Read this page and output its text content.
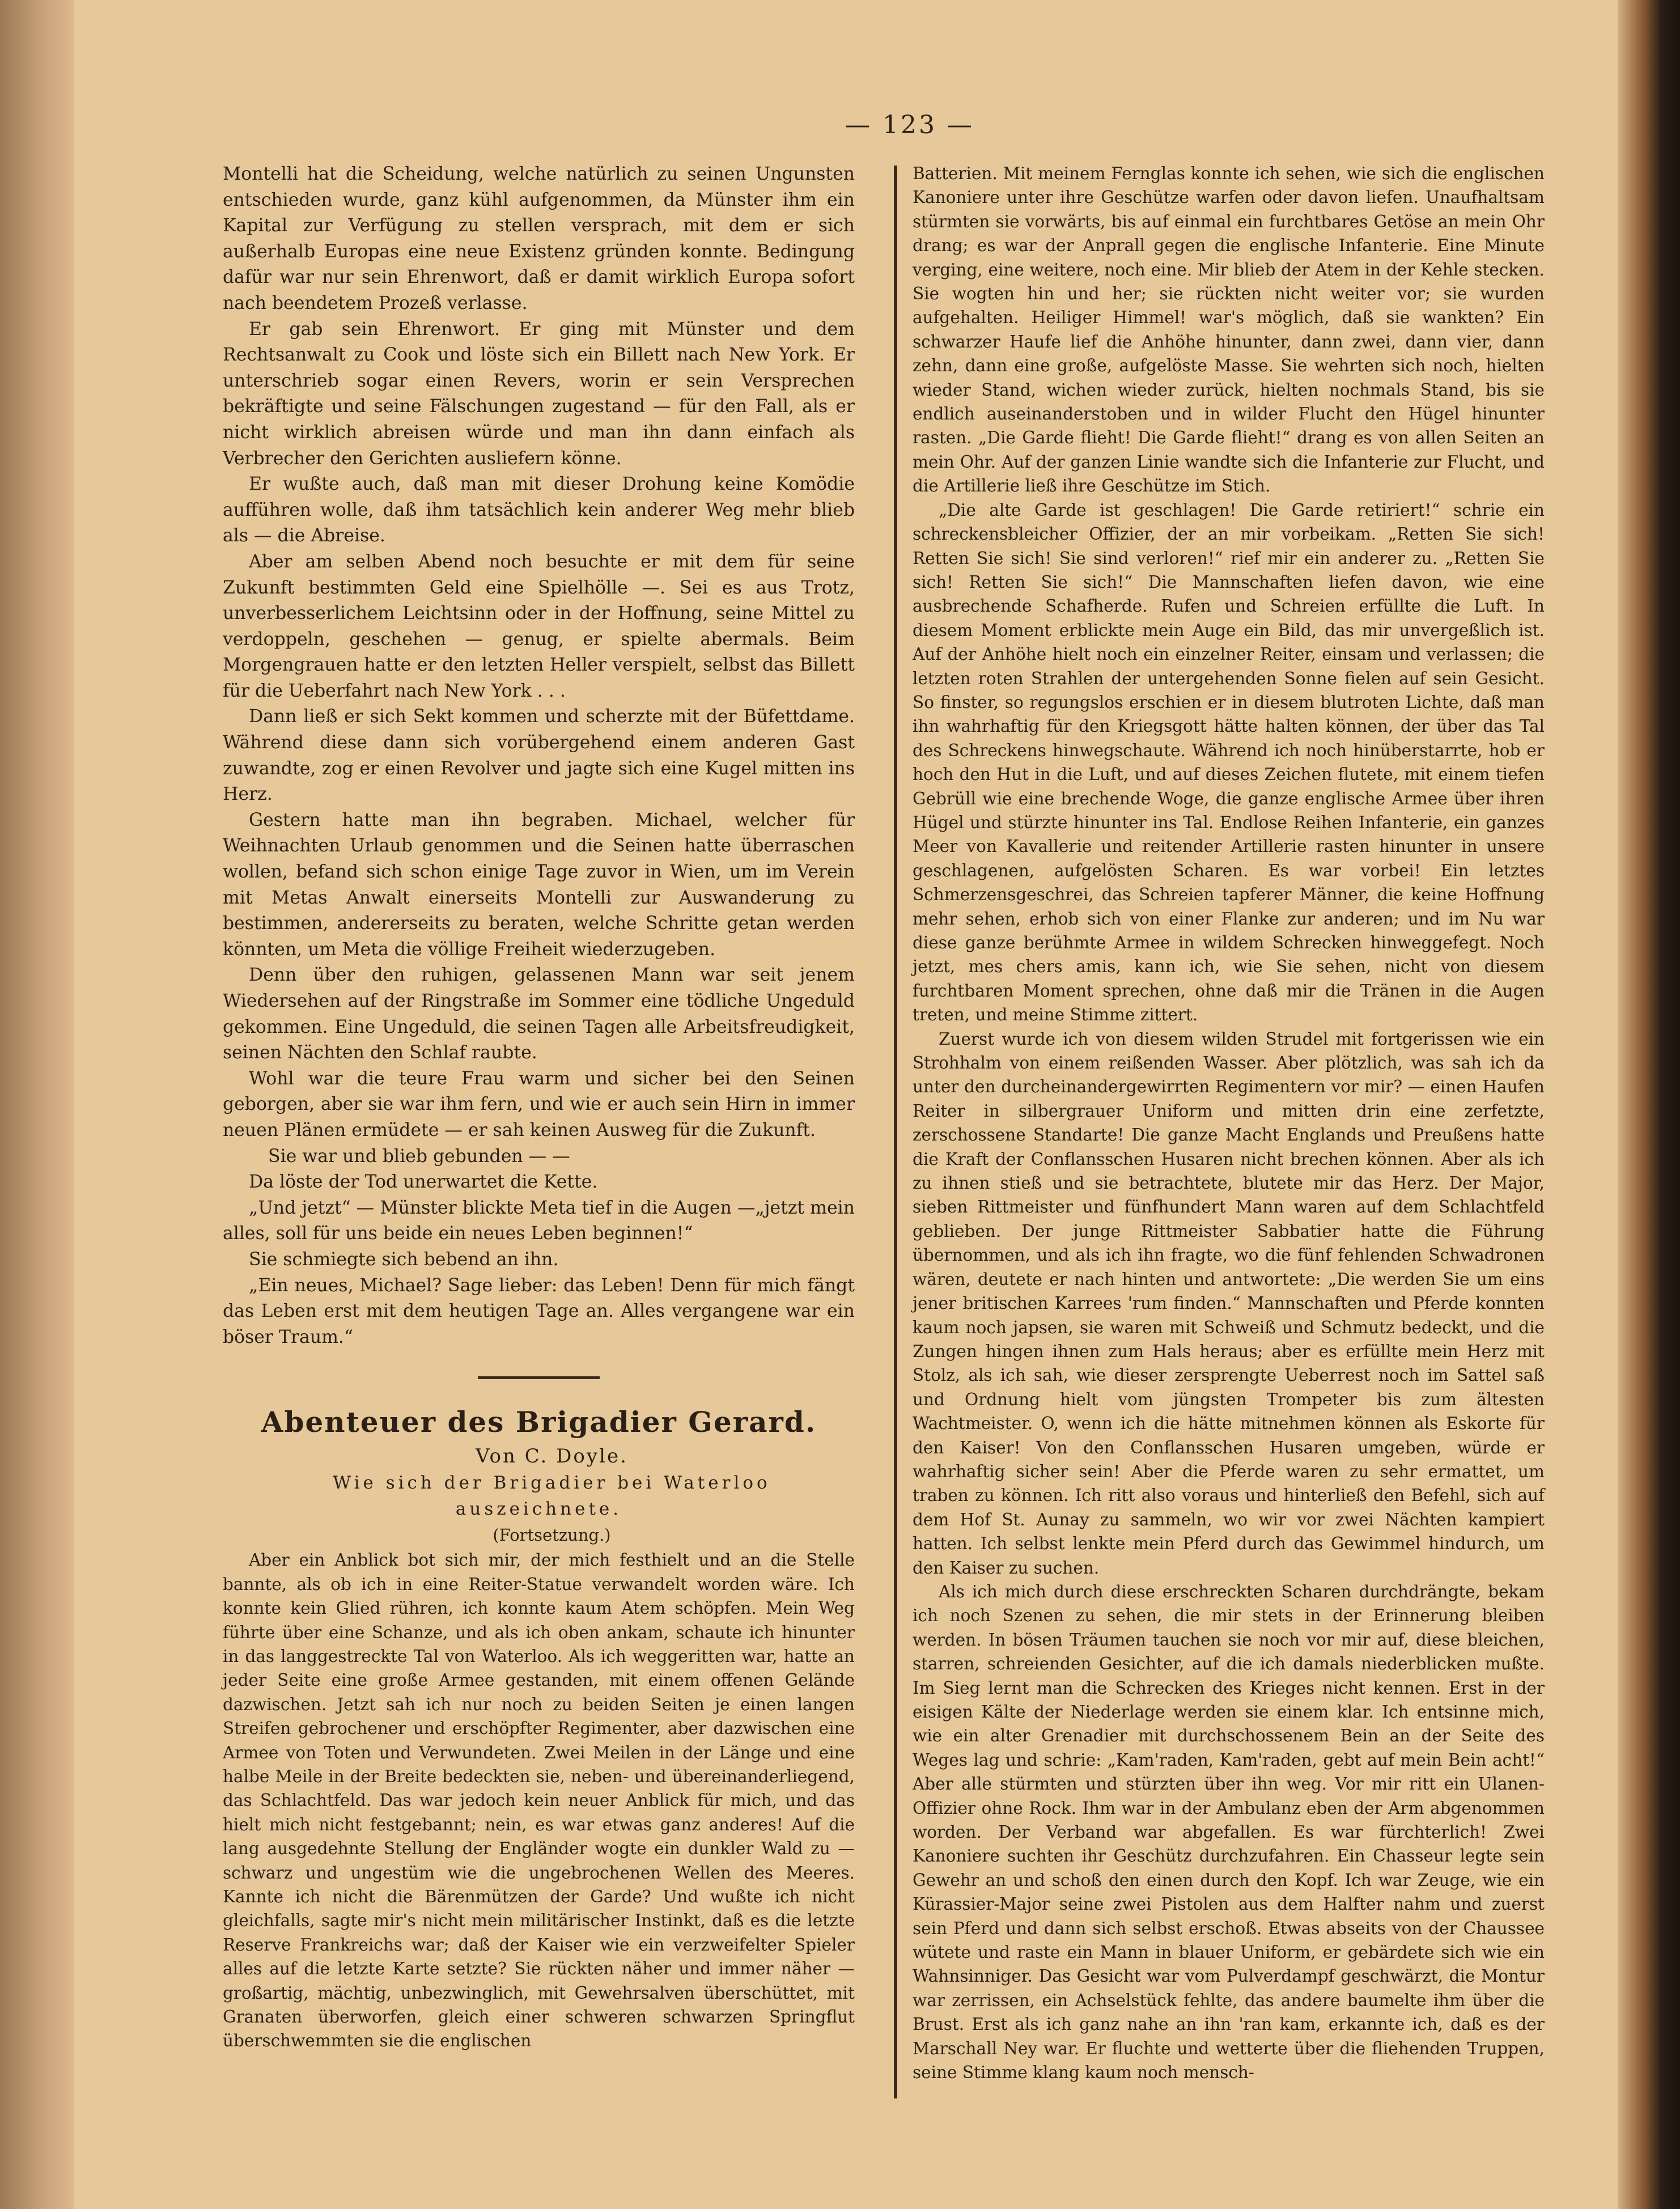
— 123 —

Montelli hat die Scheidung, welche natürlich zu seinen Ungunsten entschieden wurde, ganz kühl aufgenommen, da Münster ihm ein Kapital zur Verfügung zu stellen versprach, mit dem er sich außerhalb Europas eine neue Existenz gründen konnte. Bedingung dafür war nur sein Ehrenwort, daß er damit wirklich Europa sofort nach beendetem Prozeß verlasse.

Er gab sein Ehrenwort. Er ging mit Münster und dem Rechtsanwalt zu Cook und löste sich ein Billett nach New York. Er unterschrieb sogar einen Revers, worin er sein Versprechen bekräftigte und seine Fälschungen zugestand — für den Fall, als er nicht wirklich abreisen würde und man ihn dann einfach als Verbrecher den Gerichten ausliefern könne.

Er wußte auch, daß man mit dieser Drohung keine Komödie aufführen wolle, daß ihm tatsächlich kein anderer Weg mehr blieb als — die Abreise.

Aber am selben Abend noch besuchte er mit dem für seine Zukunft bestimmten Geld eine Spielhölle —. Sei es aus Trotz, unverbesserlichem Leichtsinn oder in der Hoffnung, seine Mittel zu verdoppeln, geschehen — genug, er spielte abermals. Beim Morgengrauen hatte er den letzten Heller verspielt, selbst das Billett für die Ueberfahrt nach New York . . .

Dann ließ er sich Sekt kommen und scherzte mit der Büfettdame. Während diese dann sich vorübergehend einem anderen Gast zuwandte, zog er einen Revolver und jagte sich eine Kugel mitten ins Herz.

Gestern hatte man ihn begraben. Michael, welcher für Weihnachten Urlaub genommen und die Seinen hatte überraschen wollen, befand sich schon einige Tage zuvor in Wien, um im Verein mit Metas Anwalt einerseits Montelli zur Auswanderung zu bestimmen, andererseits zu beraten, welche Schritte getan werden könnten, um Meta die völlige Freiheit wiederzugeben.

Denn über den ruhigen, gelassenen Mann war seit jenem Wiedersehen auf der Ringstraße im Sommer eine tödliche Ungeduld gekommen. Eine Ungeduld, die seinen Tagen alle Arbeitsfreudigkeit, seinen Nächten den Schlaf raubte.

Wohl war die teure Frau warm und sicher bei den Seinen geborgen, aber sie war ihm fern, und wie er auch sein Hirn in immer neuen Plänen ermüdete — er sah keinen Ausweg für die Zukunft.

Sie war und blieb gebunden — —

Da löste der Tod unerwartet die Kette.

„Und jetzt“ — Münster blickte Meta tief in die Augen —„jetzt mein alles, soll für uns beide ein neues Leben beginnen!“

Sie schmiegte sich bebend an ihn.

„Ein neues, Michael? Sage lieber: das Leben! Denn für mich fängt das Leben erst mit dem heutigen Tage an. Alles vergangene war ein böser Traum.“

Abenteuer des Brigadier Gerard.

Von C. Doyle.

Wie sich der Brigadier bei Waterloo auszeichnete.

(Fortsetzung.)

Aber ein Anblick bot sich mir, der mich festhielt und an die Stelle bannte, als ob ich in eine Reiter-Statue verwandelt worden wäre. Ich konnte kein Glied rühren, ich konnte kaum Atem schöpfen. Mein Weg führte über eine Schanze, und als ich oben ankam, schaute ich hinunter in das langgestreckte Tal von Waterloo. Als ich weggeritten war, hatte an jeder Seite eine große Armee gestanden, mit einem offenen Gelände dazwischen. Jetzt sah ich nur noch zu beiden Seiten je einen langen Streifen gebrochener und erschöpfter Regimenter, aber dazwischen eine Armee von Toten und Verwundeten. Zwei Meilen in der Länge und eine halbe Meile in der Breite bedeckten sie, neben- und übereinanderliegend, das Schlachtfeld. Das war jedoch kein neuer Anblick für mich, und das hielt mich nicht festgebannt; nein, es war etwas ganz anderes! Auf die lang ausgedehnte Stellung der Engländer wogte ein dunkler Wald zu — schwarz und ungestüm wie die ungebrochenen Wellen des Meeres. Kannte ich nicht die Bärenmützen der Garde? Und wußte ich nicht gleichfalls, sagte mir's nicht mein militärischer Instinkt, daß es die letzte Reserve Frankreichs war; daß der Kaiser wie ein verzweifelter Spieler alles auf die letzte Karte setzte? Sie rückten näher und immer näher — großartig, mächtig, unbezwinglich, mit Gewehrsalven überschüttet, mit Granaten überworfen, gleich einer schweren schwarzen Springflut überschwemmten sie die englischen

Batterien. Mit meinem Fernglas konnte ich sehen, wie sich die englischen Kanoniere unter ihre Geschütze warfen oder davon liefen. Unaufhaltsam stürmten sie vorwärts, bis auf einmal ein furchtbares Getöse an mein Ohr drang; es war der Anprall gegen die englische Infanterie. Eine Minute verging, eine weitere, noch eine. Mir blieb der Atem in der Kehle stecken. Sie wogten hin und her; sie rückten nicht weiter vor; sie wurden aufgehalten. Heiliger Himmel! war's möglich, daß sie wankten? Ein schwarzer Haufe lief die Anhöhe hinunter, dann zwei, dann vier, dann zehn, dann eine große, aufgelöste Masse. Sie wehrten sich noch, hielten wieder Stand, wichen wieder zurück, hielten nochmals Stand, bis sie endlich auseinanderstoben und in wilder Flucht den Hügel hinunter rasten. „Die Garde flieht! Die Garde flieht!“ drang es von allen Seiten an mein Ohr. Auf der ganzen Linie wandte sich die Infanterie zur Flucht, und die Artillerie ließ ihre Geschütze im Stich.

„Die alte Garde ist geschlagen! Die Garde retiriert!“ schrie ein schreckensbleicher Offizier, der an mir vorbeikam. „Retten Sie sich! Retten Sie sich! Sie sind verloren!“ rief mir ein anderer zu. „Retten Sie sich! Retten Sie sich!“ Die Mannschaften liefen davon, wie eine ausbrechende Schafherde. Rufen und Schreien erfüllte die Luft. In diesem Moment erblickte mein Auge ein Bild, das mir unvergeßlich ist. Auf der Anhöhe hielt noch ein einzelner Reiter, einsam und verlassen; die letzten roten Strahlen der untergehenden Sonne fielen auf sein Gesicht. So finster, so regungslos erschien er in diesem blutroten Lichte, daß man ihn wahrhaftig für den Kriegsgott hätte halten können, der über das Tal des Schreckens hinwegschaute. Während ich noch hinüberstarrte, hob er hoch den Hut in die Luft, und auf dieses Zeichen flutete, mit einem tiefen Gebrüll wie eine brechende Woge, die ganze englische Armee über ihren Hügel und stürzte hinunter ins Tal. Endlose Reihen Infanterie, ein ganzes Meer von Kavallerie und reitender Artillerie rasten hinunter in unsere geschlagenen, aufgelösten Scharen. Es war vorbei! Ein letztes Schmerzensgeschrei, das Schreien tapferer Männer, die keine Hoffnung mehr sehen, erhob sich von einer Flanke zur anderen; und im Nu war diese ganze berühmte Armee in wildem Schrecken hinweggefegt. Noch jetzt, mes chers amis, kann ich, wie Sie sehen, nicht von diesem furchtbaren Moment sprechen, ohne daß mir die Tränen in die Augen treten, und meine Stimme zittert.

Zuerst wurde ich von diesem wilden Strudel mit fortgerissen wie ein Strohhalm von einem reißenden Wasser. Aber plötzlich, was sah ich da unter den durcheinandergewirrten Regimentern vor mir? — einen Haufen Reiter in silbergrauer Uniform und mitten drin eine zerfetzte, zerschossene Standarte! Die ganze Macht Englands und Preußens hatte die Kraft der Conflansschen Husaren nicht brechen können. Aber als ich zu ihnen stieß und sie betrachtete, blutete mir das Herz. Der Major, sieben Rittmeister und fünfhundert Mann waren auf dem Schlachtfeld geblieben. Der junge Rittmeister Sabbatier hatte die Führung übernommen, und als ich ihn fragte, wo die fünf fehlenden Schwadronen wären, deutete er nach hinten und antwortete: „Die werden Sie um eins jener britischen Karrees 'rum finden.“ Mannschaften und Pferde konnten kaum noch japsen, sie waren mit Schweiß und Schmutz bedeckt, und die Zungen hingen ihnen zum Hals heraus; aber es erfüllte mein Herz mit Stolz, als ich sah, wie dieser zersprengte Ueberrest noch im Sattel saß und Ordnung hielt vom jüngsten Trompeter bis zum ältesten Wachtmeister. O, wenn ich die hätte mitnehmen können als Eskorte für den Kaiser! Von den Conflansschen Husaren umgeben, würde er wahrhaftig sicher sein! Aber die Pferde waren zu sehr ermattet, um traben zu können. Ich ritt also voraus und hinterließ den Befehl, sich auf dem Hof St. Aunay zu sammeln, wo wir vor zwei Nächten kampiert hatten. Ich selbst lenkte mein Pferd durch das Gewimmel hindurch, um den Kaiser zu suchen.

Als ich mich durch diese erschreckten Scharen durchdrängte, bekam ich noch Szenen zu sehen, die mir stets in der Erinnerung bleiben werden. In bösen Träumen tauchen sie noch vor mir auf, diese bleichen, starren, schreienden Gesichter, auf die ich damals niederblicken mußte. Im Sieg lernt man die Schrecken des Krieges nicht kennen. Erst in der eisigen Kälte der Niederlage werden sie einem klar. Ich entsinne mich, wie ein alter Grenadier mit durchschossenem Bein an der Seite des Weges lag und schrie: „Kam'raden, Kam'raden, gebt auf mein Bein acht!“ Aber alle stürmten und stürzten über ihn weg. Vor mir ritt ein Ulanen-Offizier ohne Rock. Ihm war in der Ambulanz eben der Arm abgenommen worden. Der Verband war abgefallen. Es war fürchterlich! Zwei Kanoniere suchten ihr Geschütz durchzufahren. Ein Chasseur legte sein Gewehr an und schoß den einen durch den Kopf. Ich war Zeuge, wie ein Kürassier-Major seine zwei Pistolen aus dem Halfter nahm und zuerst sein Pferd und dann sich selbst erschoß. Etwas abseits von der Chaussee wütete und raste ein Mann in blauer Uniform, er gebärdete sich wie ein Wahnsinniger. Das Gesicht war vom Pulverdampf geschwärzt, die Montur war zerrissen, ein Achselstück fehlte, das andere baumelte ihm über die Brust. Erst als ich ganz nahe an ihn 'ran kam, erkannte ich, daß es der Marschall Ney war. Er fluchte und wetterte über die fliehenden Truppen, seine Stimme klang kaum noch mensch-
